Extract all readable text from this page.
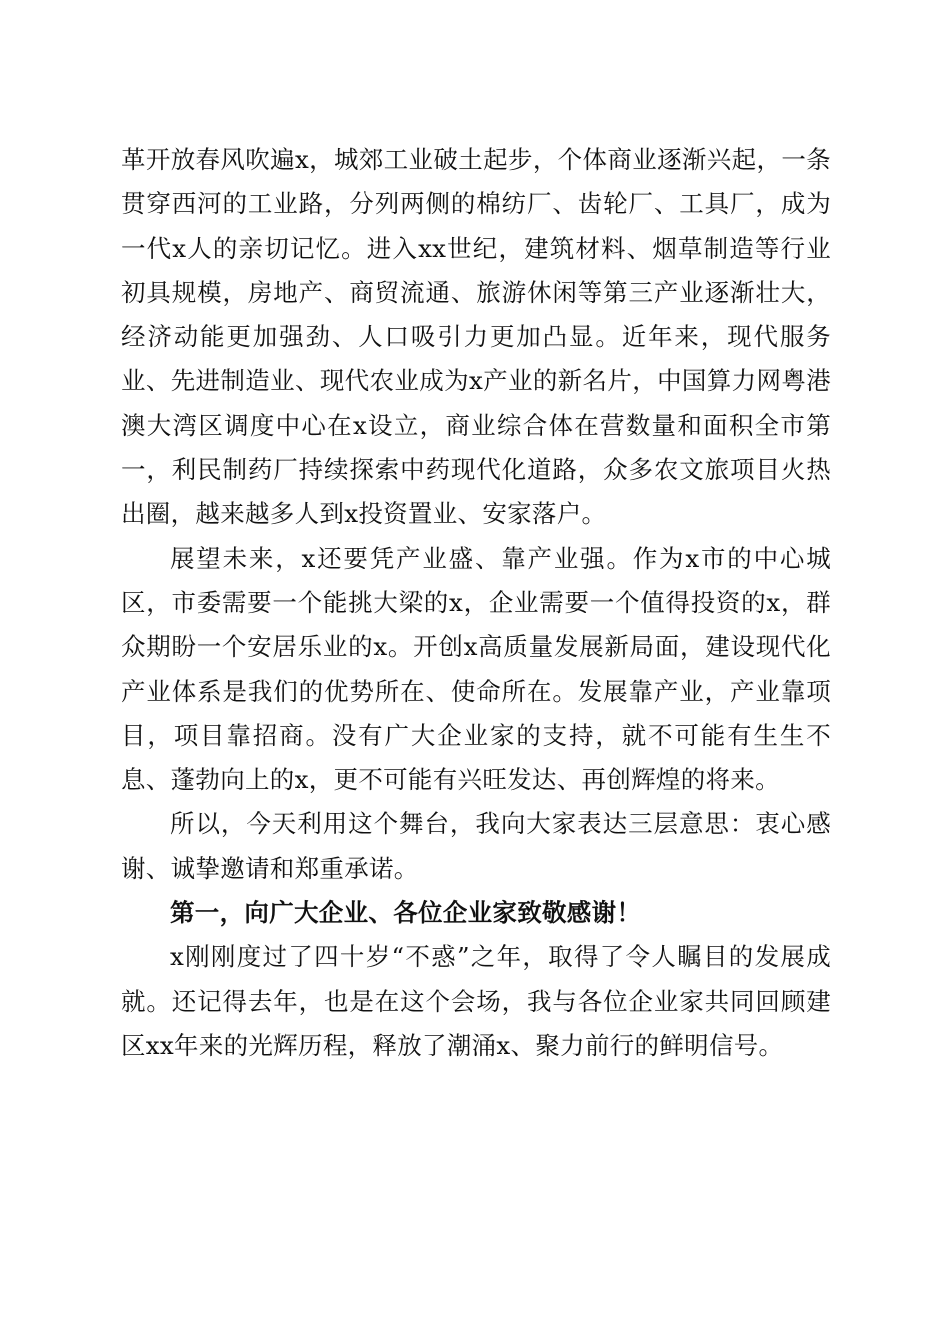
革开放春风吹遍x，城郊工业破土起步，个体商业逐渐兴起，一条贯穿西河的工业路，分列两侧的棉纺厂、齿轮厂、工具厂，成为一代x人的亲切记忆。进入xx世纪，建筑材料、烟草制造等行业初具规模，房地产、商贸流通、旅游休闲等第三产业逐渐壮大，经济动能更加强劲、人口吸引力更加凸显。近年来，现代服务业、先进制造业、现代农业成为x产业的新名片，中国算力网粤港澳大湾区调度中心在x设立，商业综合体在营数量和面积全市第一，利民制药厂持续探索中药现代化道路，众多农文旅项目火热出圈，越来越多人到x投资置业、安家落户。

展望未来，x还要凭产业盛、靠产业强。作为x市的中心城区，市委需要一个能挑大梁的x，企业需要一个值得投资的x，群众期盼一个安居乐业的x。开创x高质量发展新局面，建设现代化产业体系是我们的优势所在、使命所在。发展靠产业，产业靠项目，项目靠招商。没有广大企业家的支持，就不可能有生生不息、蓬勃向上的x，更不可能有兴旺发达、再创辉煌的将来。

所以，今天利用这个舞台，我向大家表达三层意思：衷心感谢、诚挚邀请和郑重承诺。

第一，向广大企业、各位企业家致敬感谢！

x刚刚度过了四十岁“不惑”之年，取得了令人瞩目的发展成就。还记得去年，也是在这个会场，我与各位企业家共同回顾建区xx年来的光辉历程，释放了潮涌x、聚力前行的鲜明信号。
